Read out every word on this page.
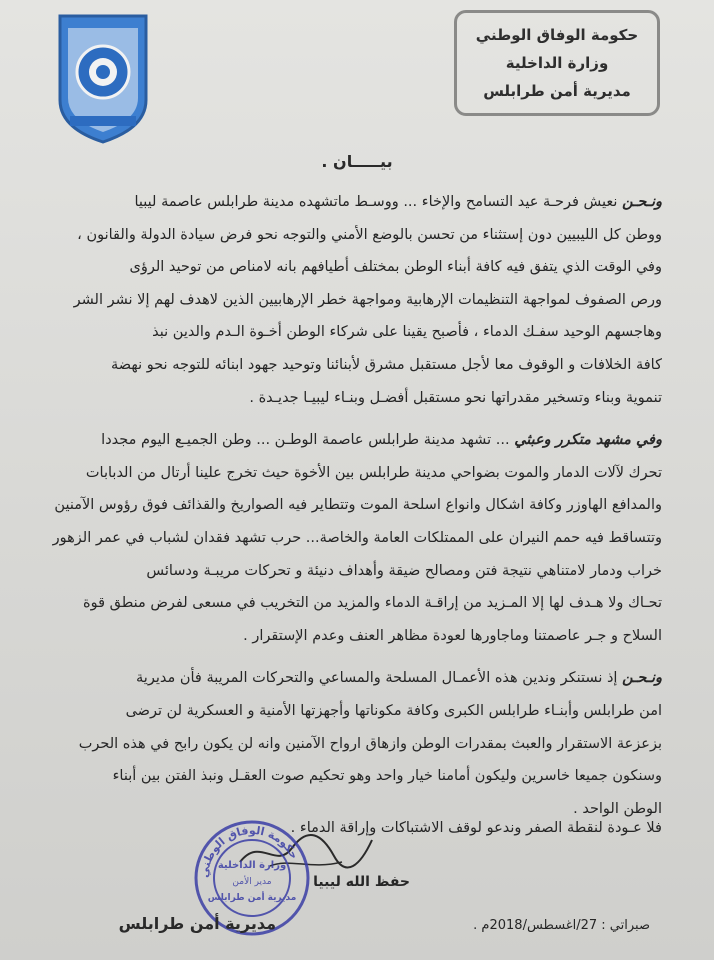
حكومة الوفاق الوطني
وزارة الداخلية
مديرية أمن طرابلس
بيـــــان .

ونـحـن نعيش فرحـة عيد التسامح والإخاء ... ووسـط ماتشهده مدينة طرابلس عاصمة ليبيا

ووطن كل الليبيين دون إستثناء من تحسن بالوضع الأمني والتوجه نحو فرض سيادة الدولة والقانون ،

وفي الوقت الذي يتفق فيه كافة أبناء الوطن بمختلف أطيافهم بانه لامناص من توحيد الرؤى

ورص الصفوف لمواجهة التنظيمات الإرهابية ومواجهة خطر الإرهابيين الذين لاهدف لهم إلا نشر الشر

وهاجسهم الوحيد سفـك الدماء ، فأصبح يقينا على شركاء الوطن أخـوة الـدم والدين نبذ

كافة الخلافات و الوقوف معا لأجل مستقبل مشرق لأبنائنا وتوحيد جهود ابنائه للتوجه نحو نهضة

تنموية وبناء وتسخير مقدراتها نحو مستقبل أفضـل وبنـاء ليبيـا جديـدة .

وفي مشهد متكرر وعبثي ... تشهد مدينة طرابلس عاصمة الوطـن ... وطن الجميـع اليوم مجددا

تحرك لآلات الدمار والموت بضواحي مدينة طرابلس بين الأخوة حيث تخرج علينا أرتال من الدبابات

والمدافع الهاوزر وكافة اشكال وانواع اسلحة الموت وتتطاير فيه الصواريخ والقذائف فوق رؤوس الآمنين

وتتساقط فيه حمم النيران على الممتلكات العامة والخاصة... حرب تشهد فقدان لشباب في عمر الزهور

خراب ودمار لامتناهي نتيجة فتن ومصالح ضيقة وأهداف دنيئة و تحركات مريبـة ودسائس

تحـاك ولا هـدف لها إلا المـزيد من إراقـة الدماء والمزيد من التخريب في مسعى لفرض منطق قوة

السلاح و جـر عاصمتنا وماجاورها لعودة مظاهر العنف وعدم الإستقرار .

ونـحـن إذ نستنكر وندين هذه الأعمـال المسلحة والمساعي والتحركات المريبة فأن مديرية

امن طرابلس وأبنـاء طرابلس الكبرى وكافة مكوناتها وأجهزتها الأمنية و العسكرية لن ترضى

بزعزعة الاستقرار والعبث بمقدرات الوطن وازهاق ارواح الآمنين وانه لن يكون رابح في هذه الحرب

وسنكون جميعا خاسرين وليكون أمامنا خيار واحد وهو تحكيم صوت العقـل ونبذ الفتن بين أبناء

الوطن الواحد .

فلا عـودة لنقطة الصفر وندعو لوقف الاشتباكات وإراقة الدماء .
حفظ الله ليبيا
حكومة الوفاق الوطني
وزارة الداخلية
مدير الأمن
مديرية أمن طرابلس
صبراتي : 27/اغسطس/2018م .
مديرية أمن طرابلس
